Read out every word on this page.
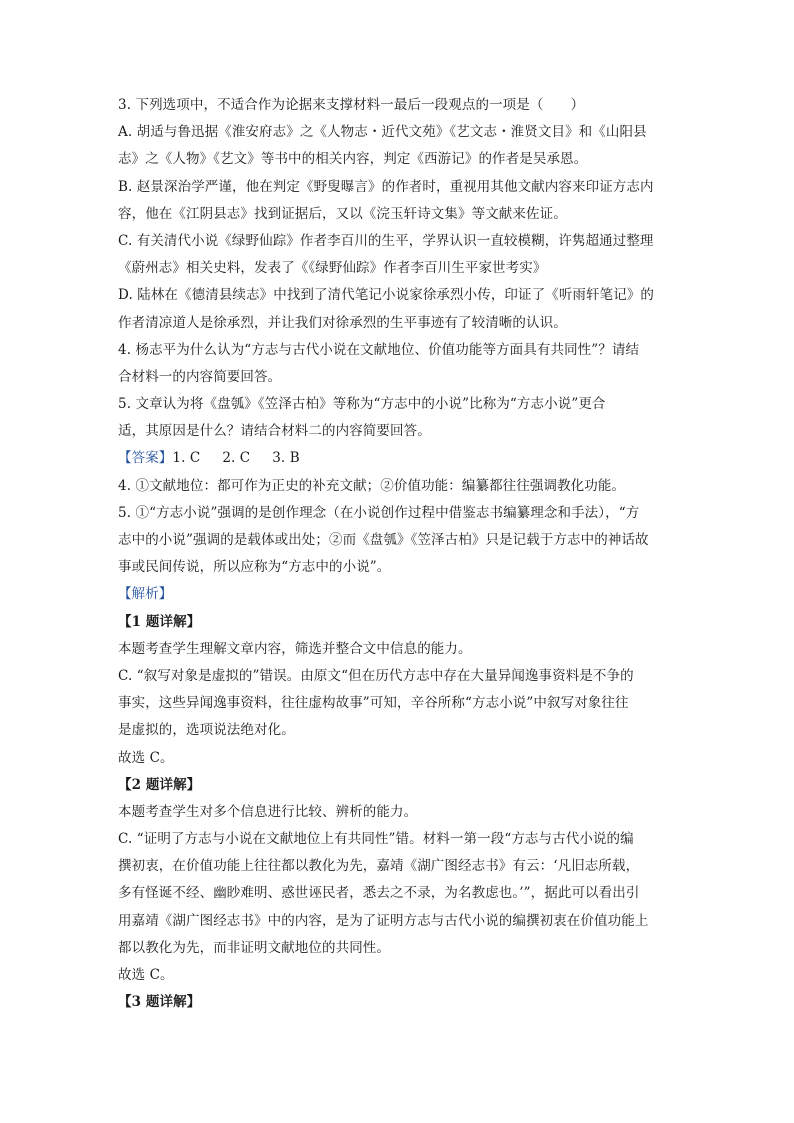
3. 下列选项中，不适合作为论据来支撑材料一最后一段观点的一项是（　　）
A. 胡适与鲁迅据《淮安府志》之《人物志・近代文苑》《艺文志・淮贤文目》和《山阳县
志》之《人物》《艺文》等书中的相关内容，判定《西游记》的作者是吴承恩。
B. 赵景深治学严谨，他在判定《野叟曝言》的作者时，重视用其他文献内容来印证方志内
容，他在《江阴县志》找到证据后，又以《浣玉轩诗文集》等文献来佐证。
C. 有关清代小说《绿野仙踪》作者李百川的生平，学界认识一直较模糊，许隽超通过整理
《蔚州志》相关史料，发表了《《绿野仙踪》作者李百川生平家世考实》
D. 陆林在《德清县续志》中找到了清代笔记小说家徐承烈小传，印证了《听雨轩笔记》的
作者清凉道人是徐承烈，并让我们对徐承烈的生平事迹有了较清晰的认识。
4. 杨志平为什么认为“方志与古代小说在文献地位、价值功能等方面具有共同性”？请结
合材料一的内容简要回答。
5. 文章认为将《盘瓠》《笠泽古柏》等称为“方志中的小说”比称为“方志小说”更合
适，其原因是什么？请结合材料二的内容简要回答。
【答案】1. C 2. C 3. B
4. ①文献地位：都可作为正史的补充文献；②价值功能：编纂都往往强调教化功能。
5. ①“方志小说”强调的是创作理念（在小说创作过程中借鉴志书编纂理念和手法），“方
志中的小说”强调的是载体或出处；②而《盘瓠》《笠泽古柏》只是记载于方志中的神话故
事或民间传说，所以应称为“方志中的小说”。
【解析】
【1 题详解】
本题考查学生理解文章内容，筛选并整合文中信息的能力。
C. “叙写对象是虚拟的”错误。由原文“但在历代方志中存在大量异闻逸事资料是不争的
事实，这些异闻逸事资料，往往虚构故事”可知，辛谷所称“方志小说”中叙写对象往往
是虚拟的，选项说法绝对化。
故选 C。
【2 题详解】
本题考查学生对多个信息进行比较、辨析的能力。
C. “证明了方志与小说在文献地位上有共同性”错。材料一第一段“方志与古代小说的编
撰初衷，在价值功能上往往都以教化为先，嘉靖《湖广图经志书》有云：‘凡旧志所载，
多有怪诞不经、幽眇难明、惑世诬民者，悉去之不录，为名教虑也。’”，据此可以看出引
用嘉靖《湖广图经志书》中的内容，是为了证明方志与古代小说的编撰初衷在价值功能上
都以教化为先，而非证明文献地位的共同性。
故选 C。
【3 题详解】
